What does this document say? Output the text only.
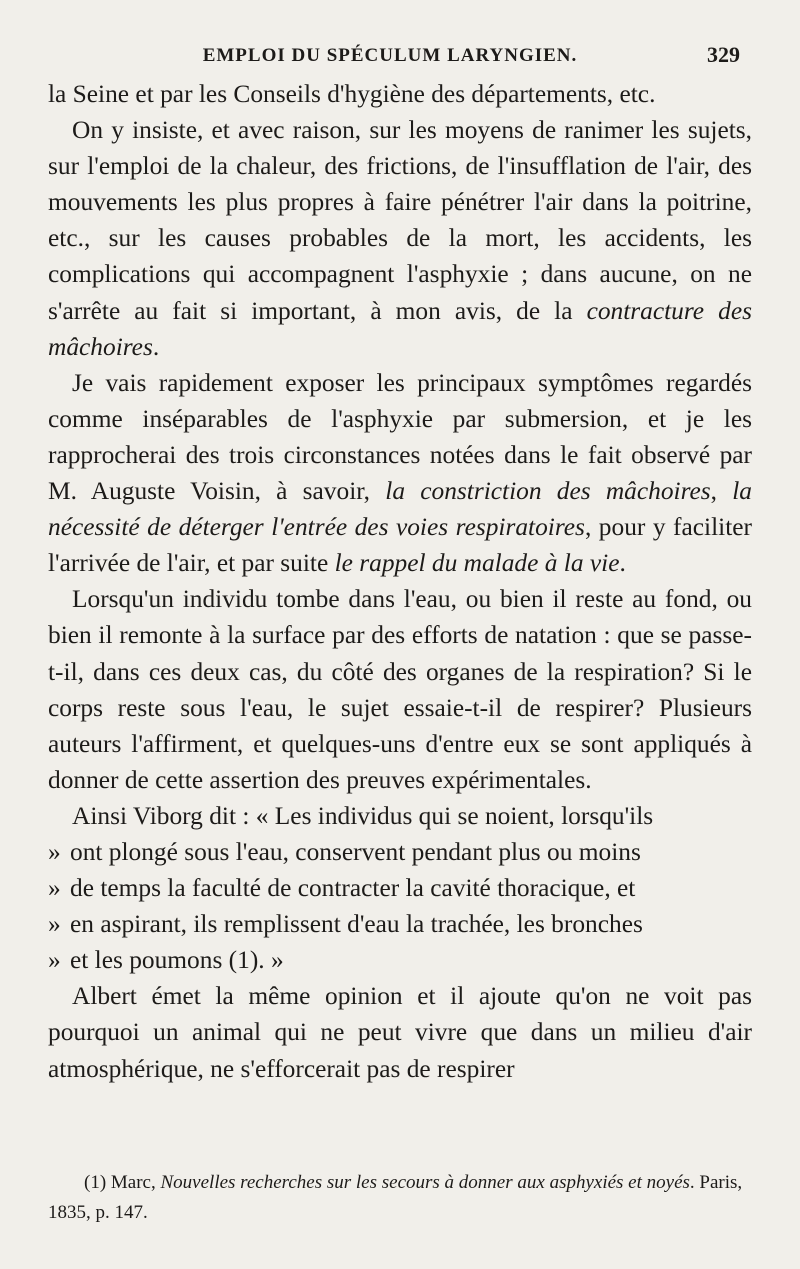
EMPLOI DU SPÉCULUM LARYNGIEN.	329

la Seine et par les Conseils d'hygiène des départements, etc.

On y insiste, et avec raison, sur les moyens de ranimer les sujets, sur l'emploi de la chaleur, des frictions, de l'insufflation de l'air, des mouvements les plus propres à faire pénétrer l'air dans la poitrine, etc., sur les causes probables de la mort, les accidents, les complications qui accompagnent l'asphyxie ; dans aucune, on ne s'arrête au fait si important, à mon avis, de la contracture des mâchoires.

Je vais rapidement exposer les principaux symptômes regardés comme inséparables de l'asphyxie par submersion, et je les rapprocherai des trois circonstances notées dans le fait observé par M. Auguste Voisin, à savoir, la constriction des mâchoires, la nécessité de déterger l'entrée des voies respiratoires, pour y faciliter l'arrivée de l'air, et par suite le rappel du malade à la vie.

Lorsqu'un individu tombe dans l'eau, ou bien il reste au fond, ou bien il remonte à la surface par des efforts de natation : que se passe-t-il, dans ces deux cas, du côté des organes de la respiration? Si le corps reste sous l'eau, le sujet essaie-t-il de respirer? Plusieurs auteurs l'affirment, et quelques-uns d'entre eux se sont appliqués à donner de cette assertion des preuves expérimentales.

Ainsi Viborg dit : « Les individus qui se noient, lorsqu'ils
» ont plongé sous l'eau, conservent pendant plus ou moins
» de temps la faculté de contracter la cavité thoracique, et
» en aspirant, ils remplissent d'eau la trachée, les bronches
» et les poumons (1). »

Albert émet la même opinion et il ajoute qu'on ne voit pas pourquoi un animal qui ne peut vivre que dans un milieu d'air atmosphérique, ne s'efforcerait pas de respirer

(1) Marc, Nouvelles recherches sur les secours à donner aux asphyxiés et noyés. Paris, 1835, p. 147.
